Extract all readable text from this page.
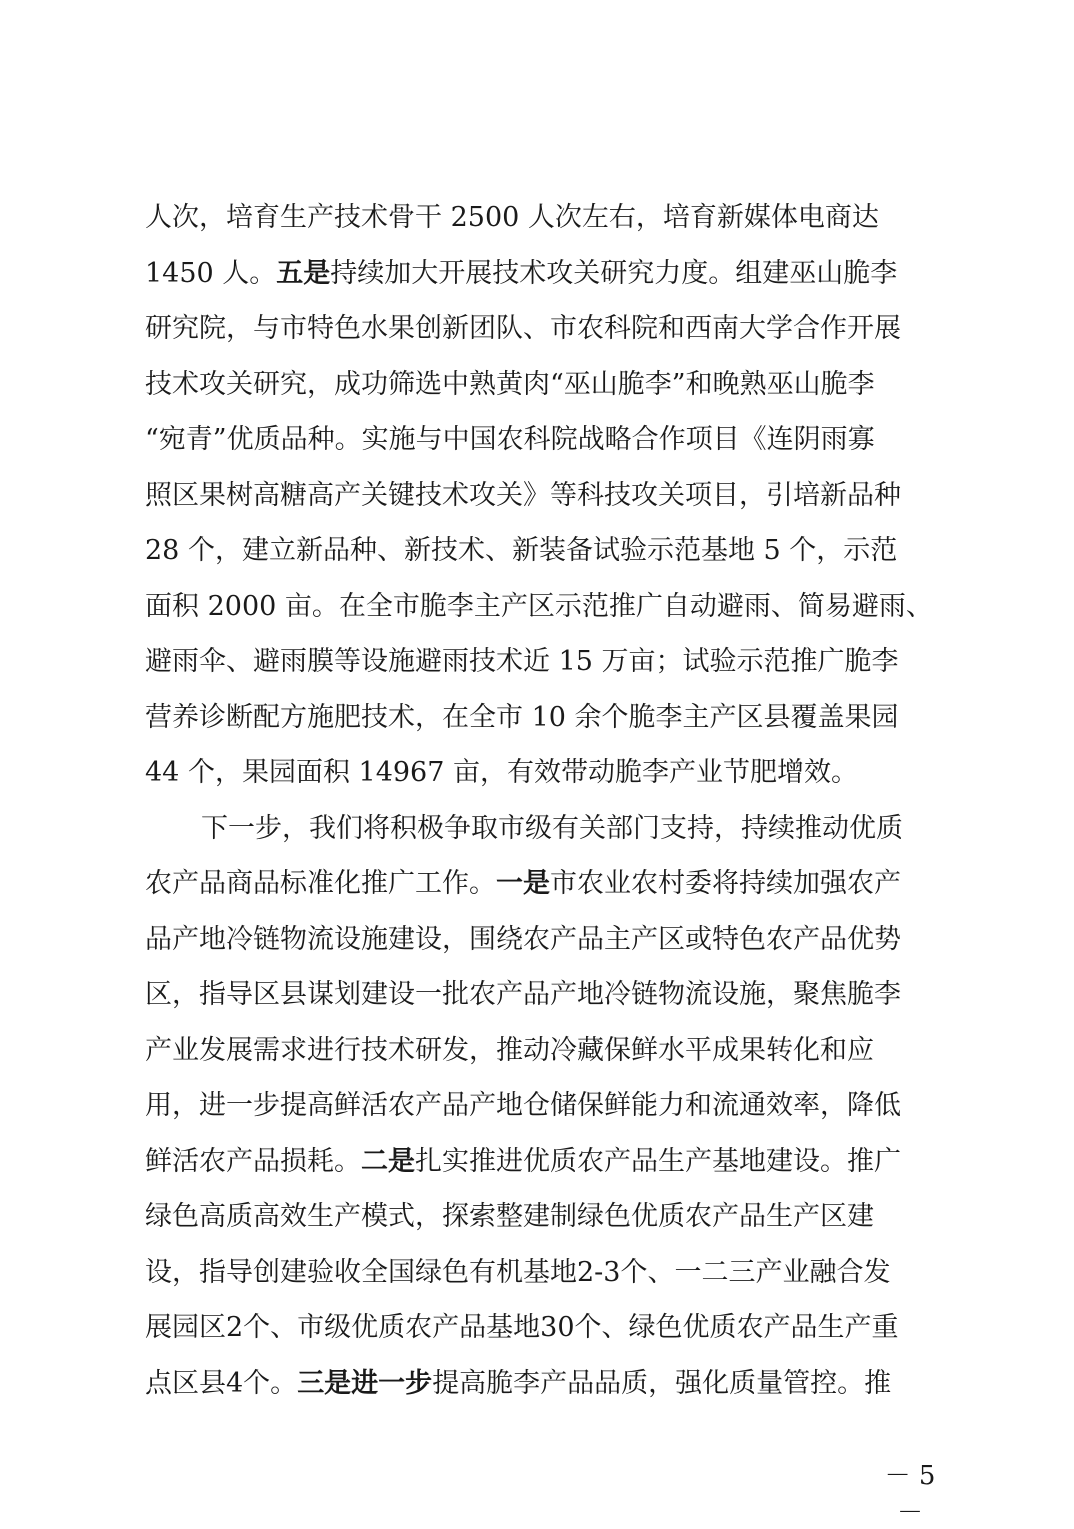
人次，培育生产技术骨干 2500 人次左右，培育新媒体电商达
1450 人。五是持续加大开展技术攻关研究力度。组建巫山脆李
研究院，与市特色水果创新团队、市农科院和西南大学合作开展
技术攻关研究，成功筛选中熟黄肉“巫山脆李”和晚熟巫山脆李
“宛青”优质品种。实施与中国农科院战略合作项目《连阴雨寡
照区果树高糖高产关键技术攻关》等科技攻关项目，引培新品种
28 个，建立新品种、新技术、新装备试验示范基地 5 个，示范
面积 2000 亩。在全市脆李主产区示范推广自动避雨、简易避雨、
避雨伞、避雨膜等设施避雨技术近 15 万亩；试验示范推广脆李
营养诊断配方施肥技术，在全市 10 余个脆李主产区县覆盖果园
44 个，果园面积 14967 亩，有效带动脆李产业节肥增效。
下一步，我们将积极争取市级有关部门支持，持续推动优质
农产品商品标准化推广工作。一是市农业农村委将持续加强农产
品产地冷链物流设施建设，围绕农产品主产区或特色农产品优势
区，指导区县谋划建设一批农产品产地冷链物流设施，聚焦脆李
产业发展需求进行技术研发，推动冷藏保鲜水平成果转化和应
用，进一步提高鲜活农产品产地仓储保鲜能力和流通效率，降低
鲜活农产品损耗。二是扎实推进优质农产品生产基地建设。推广
绿色高质高效生产模式，探索整建制绿色优质农产品生产区建
设，指导创建验收全国绿色有机基地2-3个、一二三产业融合发
展园区2个、市级优质农产品基地30个、绿色优质农产品生产重
点区县4个。三是进一步提高脆李产品品质，强化质量管控。推
－ 5 －
